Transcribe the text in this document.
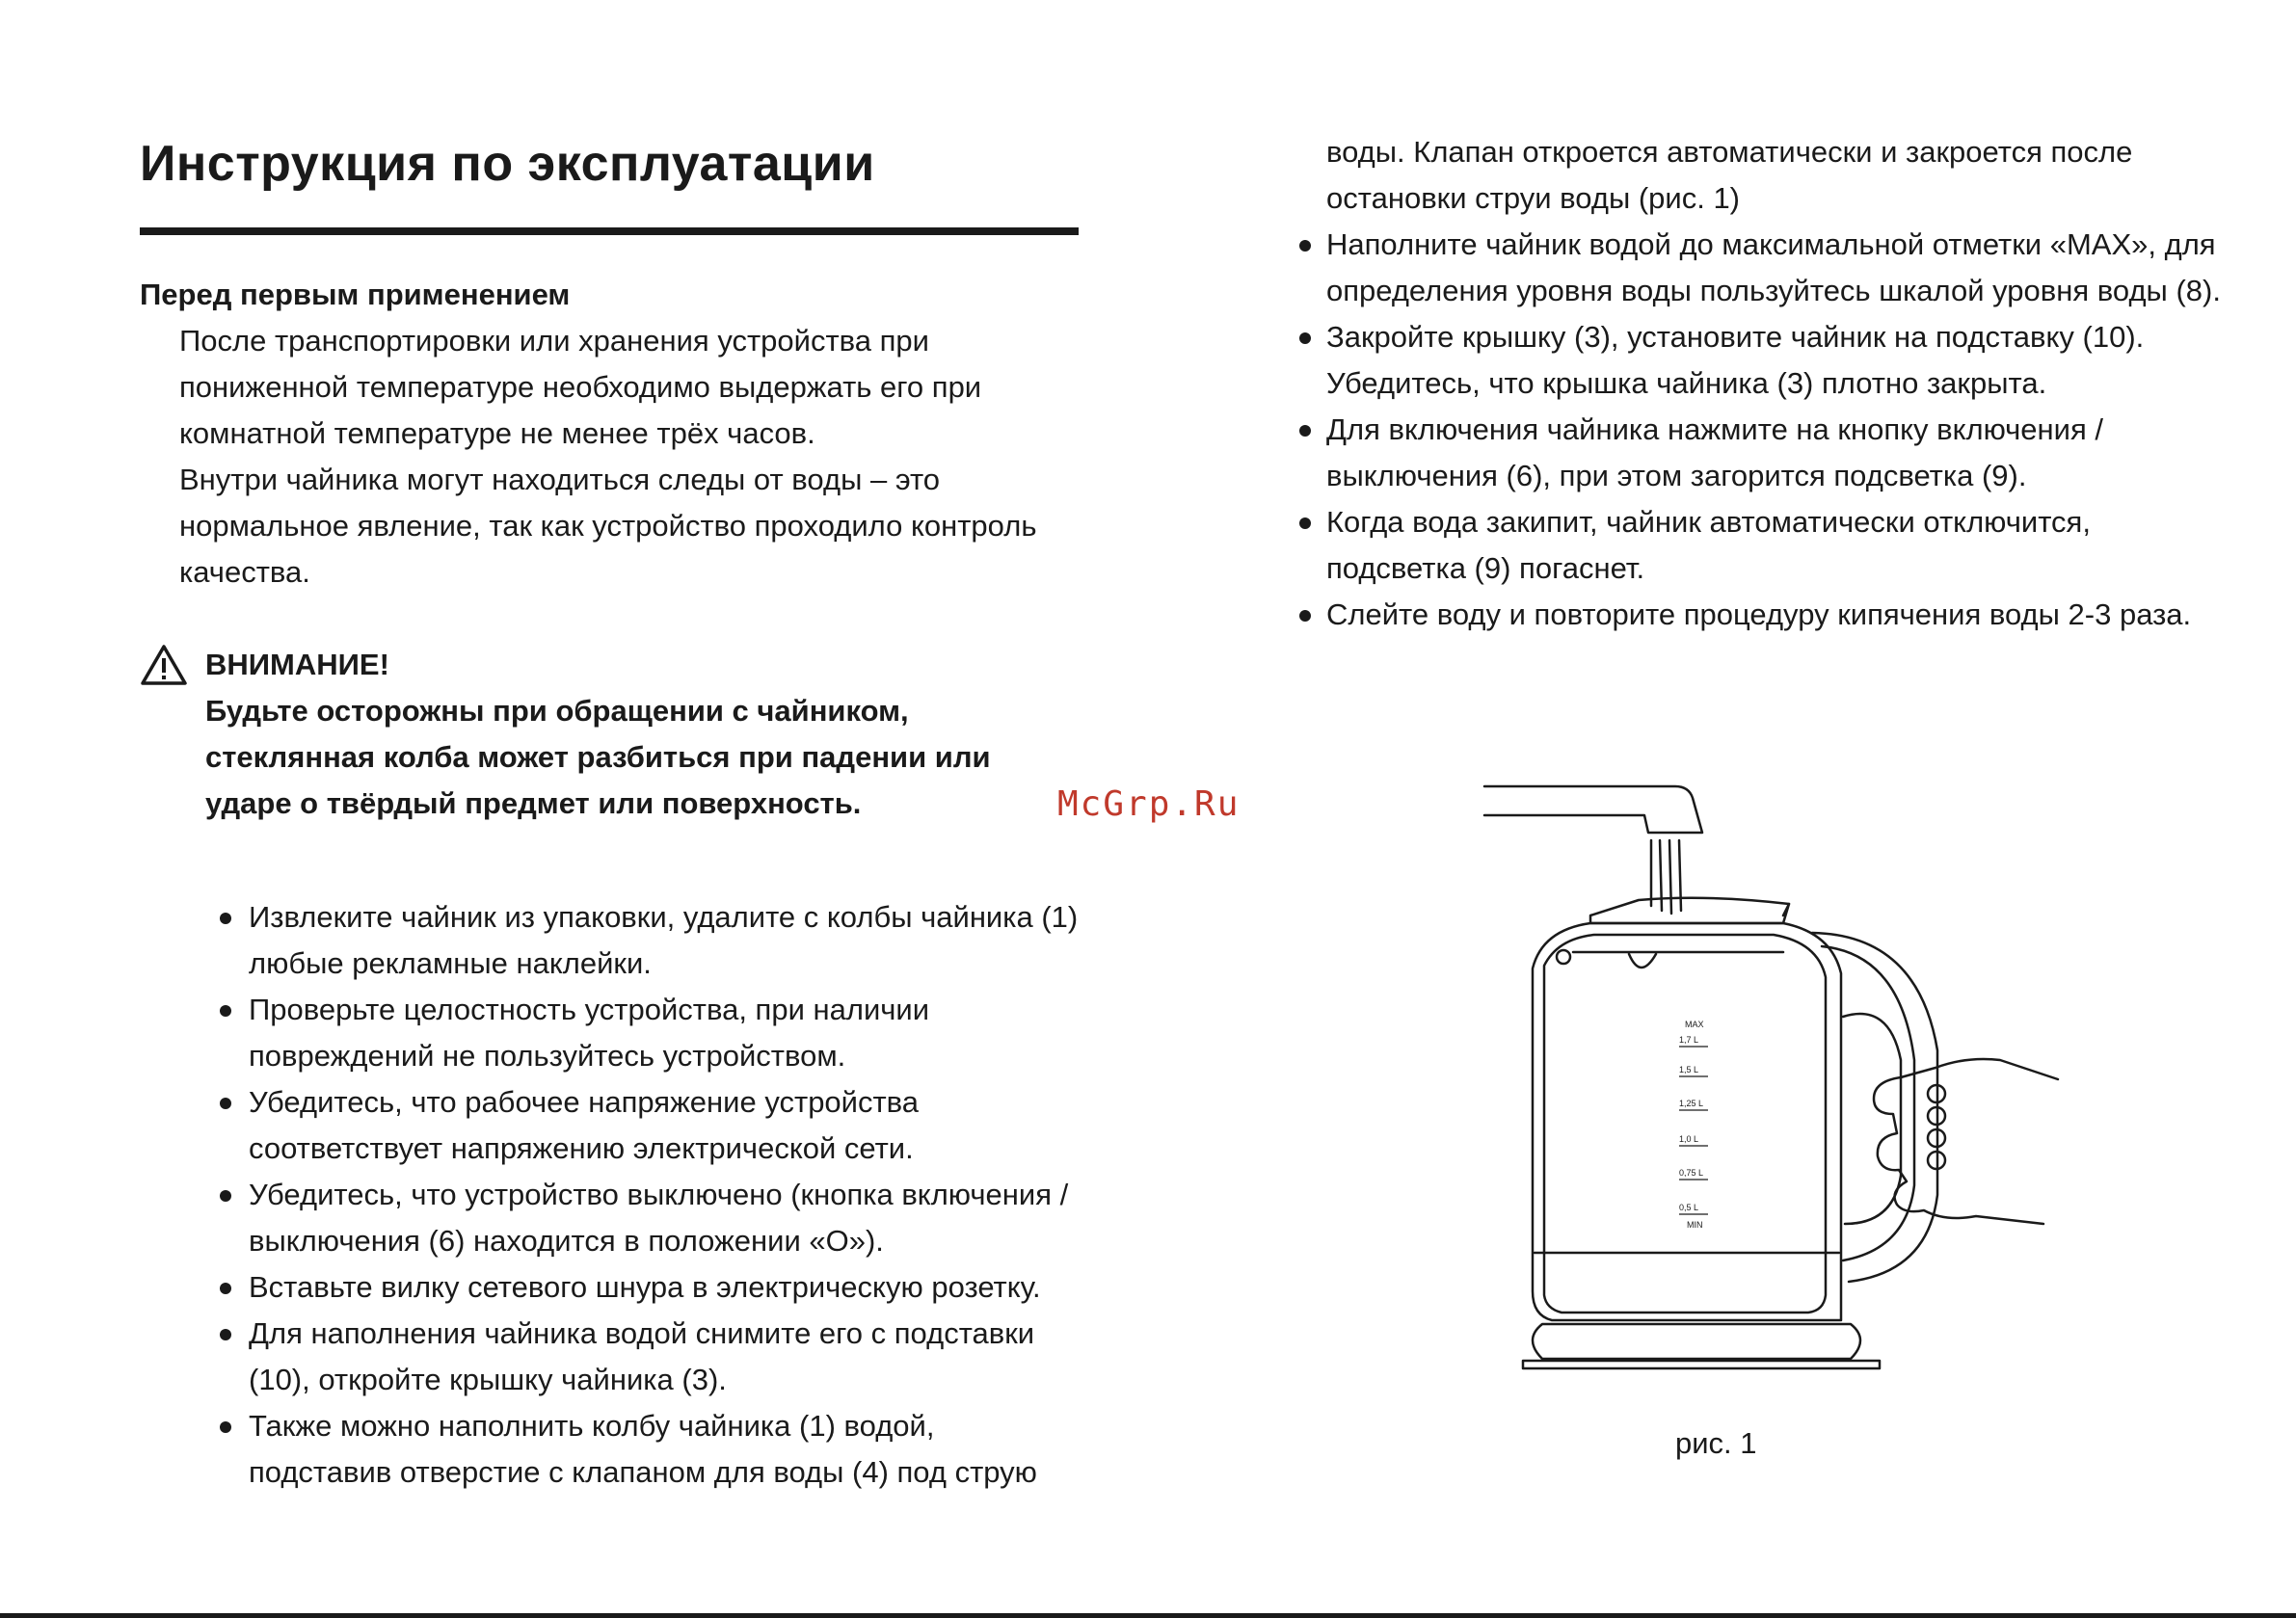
Инструкция по эксплуатации
Перед первым применением

После транспортировки или хранения устройства при пониженной температуре необходимо выдержать его при комнатной температуре не менее трёх часов.

Внутри чайника могут находиться следы от воды – это нормальное явление, так как устройство проходило контроль качества.

ВНИМАНИЕ!
Будьте осторожны при обращении с чайником, стеклянная колба может разбиться при падении или ударе о твёрдый предмет или поверхность.
Извлеките чайник из упаковки, удалите с колбы чайника (1) любые рекламные наклейки.
Проверьте целостность устройства, при наличии повреждений не пользуйтесь устройством.
Убедитесь, что рабочее напряжение устройства соответствует напряжению электрической сети.
Убедитесь, что устройство выключено (кнопка включения / выключения (6) находится в положении «O»).
Вставьте вилку сетевого шнура в электрическую розетку.
Для наполнения чайника водой снимите его с подставки (10), откройте крышку чайника (3).
Также можно наполнить колбу чайника (1) водой, подставив отверстие с клапаном для воды (4) под струю

воды. Клапан откроется автоматически и закроется после остановки струи воды (рис. 1)

Наполните чайник водой до максимальной отметки «MAX», для определения уровня воды пользуйтесь шкалой уровня воды (8).
Закройте крышку (3), установите чайник на подставку (10). Убедитесь, что крышка чайника (3) плотно закрыта.
Для включения чайника нажмите на кнопку включения / выключения (6), при этом загорится подсветка (9).
Когда вода закипит, чайник автоматически отключится, подсветка (9) погаснет.
Слейте воду и повторите процедуру кипячения воды 2-3 раза.
McGrp.Ru
MAX
1,7 L
1,5 L
1,25 L
1,0 L
0,75 L
0,5 L
MIN
рис. 1
